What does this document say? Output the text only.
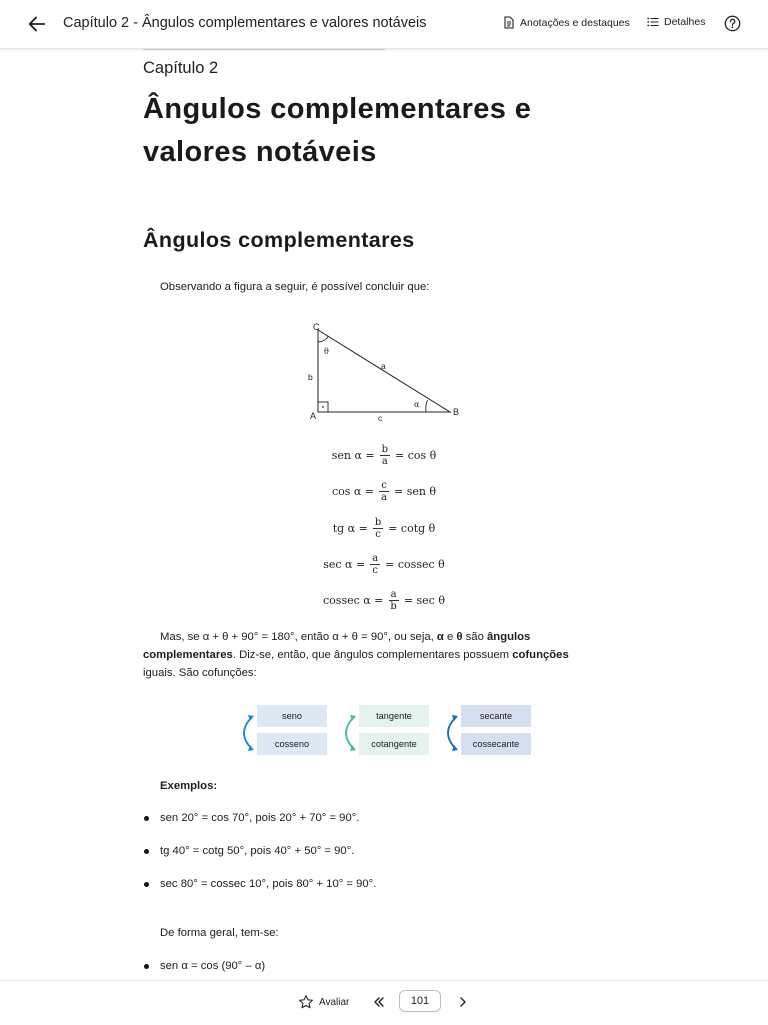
Capítulo 2 - Ângulos complementares e valores notáveis	Anotações e destaques	Detalhes
Capítulo 2
Ângulos complementares e valores notáveis
Ângulos complementares
Observando a figura a seguir, é possível concluir que:
C
A	B
a
b
c
θ
α
sen $\alpha = \frac{b}{a} = \cos \theta$
$\cos \alpha = \frac{c}{a}$ = sen θ
tg $\alpha = \frac{b}{c} = \cot g$ θ
$\sec \alpha = \frac{a}{c} = cossec$ θ
cossec $\alpha = \frac{a}{b} = \sec \theta$
Mas, se α + θ + 90° = 180°, então α + θ = 90°, ou seja, α e θ são ângulos complementares. Diz-se, então, que ângulos complementares possuem cofunções iguais. São cofunções:
seno
cosseno
tangente
cotangente
secante
cossecante
Exemplos:
sen 20° = cos 70°, pois 20° + 70° = 90°.
tg 40° = cotg 50°, pois 40° + 50° = 90°.
sec 80° = cossec 10°, pois 80° + 10° = 90°.
De forma geral, tem-se:
sen α = cos (90° – α)
Avaliar	101
